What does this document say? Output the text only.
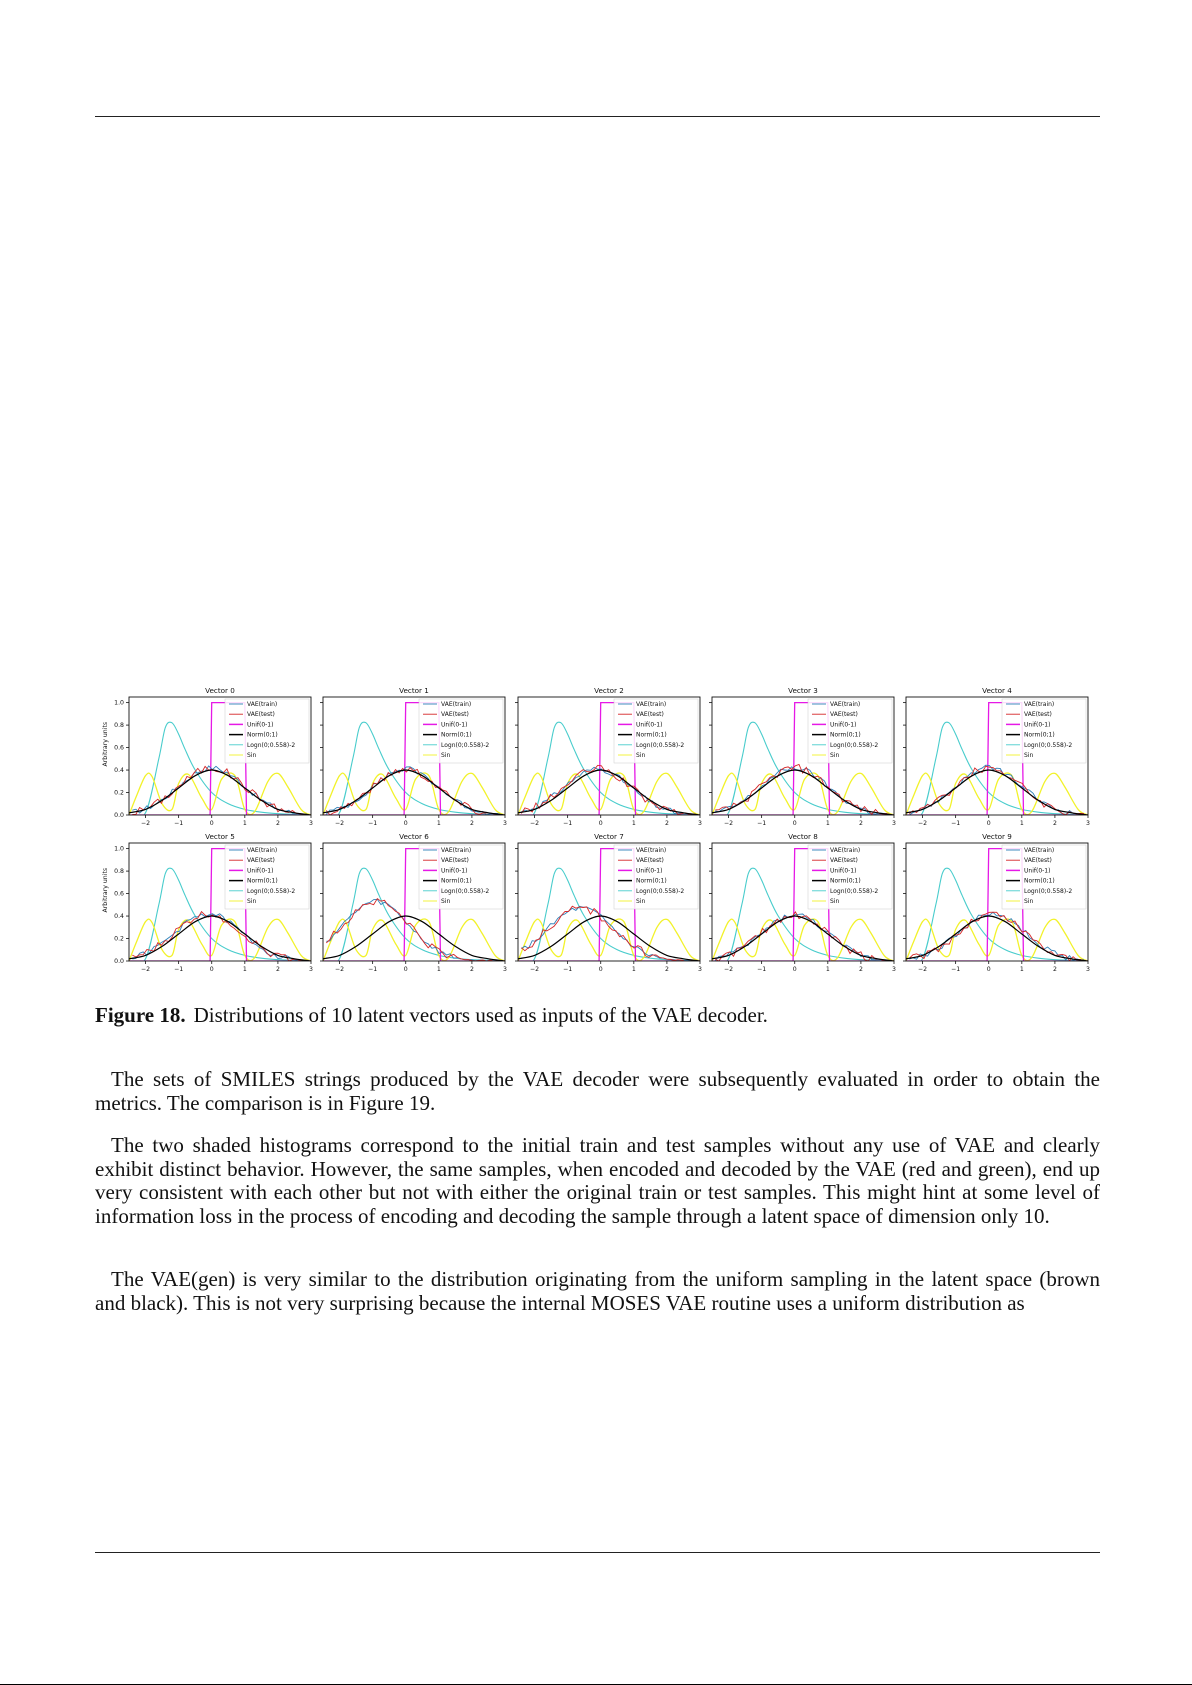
Vector 0
−2	−1	0	1	2	3
0.0
0.2
0.4
0.6
0.8
1.0
Arbitrary units
VAE(train)
VAE(test)
Unif(0-1)
Norm(0;1)
Logn(0;0.558)-2
Sin
Vector 1
−2	−1	0	1	2	3
VAE(train)
VAE(test)
Unif(0-1)
Norm(0;1)
Logn(0;0.558)-2
Sin
Vector 2
−2	−1	0	1	2	3
VAE(train)
VAE(test)
Unif(0-1)
Norm(0;1)
Logn(0;0.558)-2
Sin
Vector 3
−2	−1	0	1	2	3
VAE(train)
VAE(test)
Unif(0-1)
Norm(0;1)
Logn(0;0.558)-2
Sin
Vector 4
−2	−1	0	1	2	3
VAE(train)
VAE(test)
Unif(0-1)
Norm(0;1)
Logn(0;0.558)-2
Sin
Vector 5
−2	−1	0	1	2	3
0.0
0.2
0.4
0.6
0.8
1.0
Arbitrary units
VAE(train)
VAE(test)
Unif(0-1)
Norm(0;1)
Logn(0;0.558)-2
Sin
Vector 6
−2	−1	0	1	2	3
VAE(train)
VAE(test)
Unif(0-1)
Norm(0;1)
Logn(0;0.558)-2
Sin
Vector 7
−2	−1	0	1	2	3
VAE(train)
VAE(test)
Unif(0-1)
Norm(0;1)
Logn(0;0.558)-2
Sin
Vector 8
−2	−1	0	1	2	3
VAE(train)
VAE(test)
Unif(0-1)
Norm(0;1)
Logn(0;0.558)-2
Sin
Vector 9
−2	−1	0	1	2	3
VAE(train)
VAE(test)
Unif(0-1)
Norm(0;1)
Logn(0;0.558)-2
Sin

Figure 18. Distributions of 10 latent vectors used as inputs of the VAE decoder.

The sets of SMILES strings produced by the VAE decoder were subsequently evaluated in order to obtain the metrics. The comparison is in Figure 19.

The two shaded histograms correspond to the initial train and test samples without any use of VAE and clearly exhibit distinct behavior. However, the same samples, when encoded and decoded by the VAE (red and green), end up very consistent with each other but not with either the original train or test samples. This might hint at some level of information loss in the process of encoding and decoding the sample through a latent space of dimension only 10.

The VAE(gen) is very similar to the distribution originating from the uniform sampling in the latent space (brown and black). This is not very surprising because the internal MOSES VAE routine uses a uniform distribution as
